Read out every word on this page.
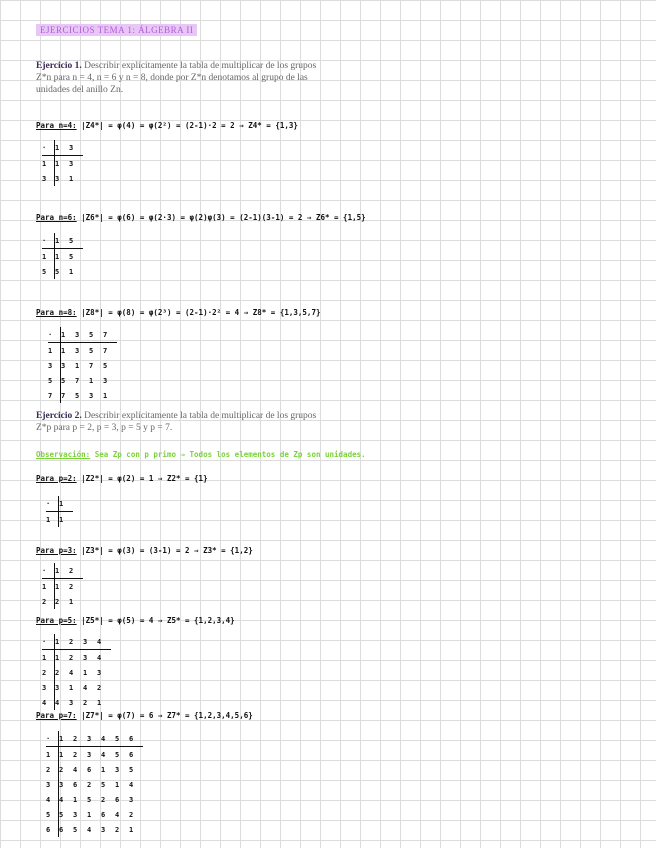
EJERCICIOS TEMA 1: ÁLGEBRA II
Ejercicio 1. Describir explícitamente la tabla de multiplicar de los grupos
Z*n para n = 4, n = 6 y n = 8, donde por Z*n denotamos al grupo de las
unidades del anillo Zn.
Para n=4: |Z4*| = φ(4) = φ(2²) = (2-1)·2 = 2 ⇒ Z4* = {1,3}
·	1	3
1	1	3
3	3	1
Para n=6: |Z6*| = φ(6) = φ(2·3) = φ(2)φ(3) = (2-1)(3-1) = 2 ⇒ Z6* = {1,5}
·	1	5
1	1	5
5	5	1
Para n=8: |Z8*| = φ(8) = φ(2³) = (2-1)·2² = 4 ⇒ Z8* = {1,3,5,7}
·	1	3	5	7
1	1	3	5	7
3	3	1	7	5
5	5	7	1	3
7	7	5	3	1
Ejercicio 2. Describir explícitamente la tabla de multiplicar de los grupos
Z*p para p = 2, p = 3, p = 5 y p = 7.
Observación: Sea Zp con p primo ⇒ Todos los elementos de Zp son unidades.
Para p=2: |Z2*| = φ(2) = 1 ⇒ Z2* = {1}
·	1
1	1
Para p=3: |Z3*| = φ(3) = (3-1) = 2 ⇒ Z3* = {1,2}
·	1	2
1	1	2
2	2	1
Para p=5: |Z5*| = φ(5) = 4 ⇒ Z5* = {1,2,3,4}
·	1	2	3	4
1	1	2	3	4
2	2	4	1	3
3	3	1	4	2
4	4	3	2	1
Para p=7: |Z7*| = φ(7) = 6 ⇒ Z7* = {1,2,3,4,5,6}
·	1	2	3	4	5	6
1	1	2	3	4	5	6
2	2	4	6	1	3	5
3	3	6	2	5	1	4
4	4	1	5	2	6	3
5	5	3	1	6	4	2
6	6	5	4	3	2	1
